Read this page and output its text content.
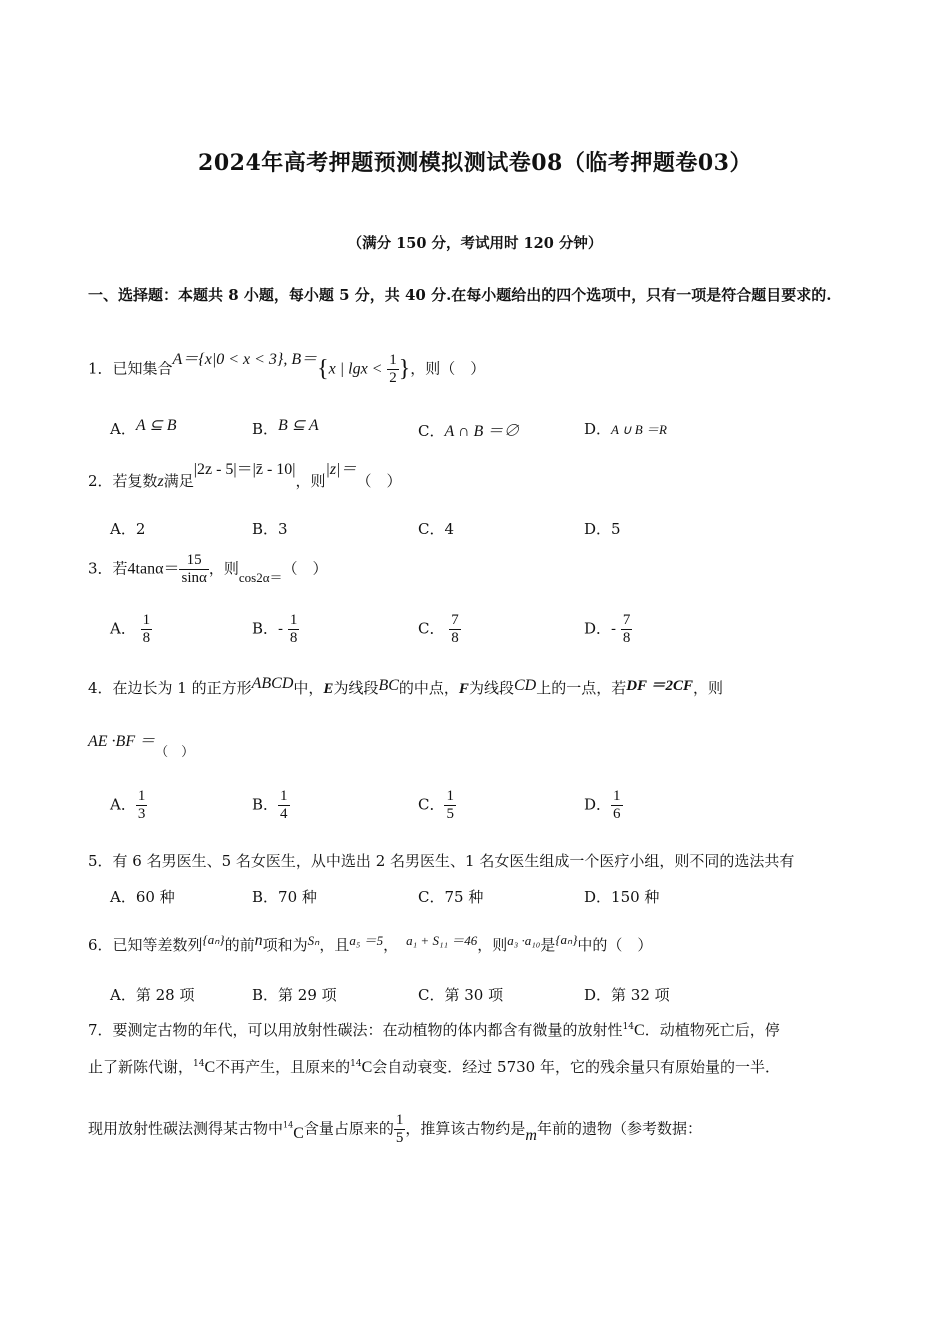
2024年高考押题预测模拟测试卷08（临考押题卷03）
（满分 150 分，考试用时 120 分钟）
一、选择题：本题共 8 小题，每小题 5 分，共 40 分.在每小题给出的四个选项中，只有一项是符合题目要求的.
1．已知集合A＝{x|0 < x < 3}, B＝{x | $\lg x < \frac{1}{2}$ }，则（　）
A．A ⊆ B	B．B ⊆ A	C．A ∩ B ＝∅	D．A ∪ B ＝R
2．若复数z满足|2z - 5|＝|z̄ - 10|，则|z|＝（　）
A．2	B．3	C．4	D．5
3．若$4\tan\alpha= \frac{15}{\sin\alpha}$ ，则cos2α＝（　）
A． $\frac{1}{8}$	B．- $\frac{1}{8}$	C． $\frac{7}{8}$	D．- $\frac{7}{8}$
4．在边长为 1 的正方形ABCD中，E为线段BC的中点，F为线段CD上的一点，若DF ＝2CF，则
AE ·BF ＝（　）
A． $\frac{1}{3}$	B． $\frac{1}{4}$	C． $\frac{1}{5}$	D． $\frac{1}{6}$
5．有 6 名男医生、5 名女医生，从中选出 2 名男医生、1 名女医生组成一个医疗小组，则不同的选法共有
A．60 种	B．70 种	C．75 种	D．150 种
6．已知等差数列{aₙ}的前n项和为Sₙ，且a₅ ＝5， a₁ + S₁₁ ＝46，则a₃ ·a₁₀是{aₙ}中的（　）
A．第 28 项	B．第 29 项	C．第 30 项	D．第 32 项
7．要测定古物的年代，可以用放射性碳法：在动植物的体内都含有微量的放射性$^{14}$C．动植物死亡后，停
止了新陈代谢，$^{14}$C不再产生，且原来的$^{14}$C会自动衰变．经过 5730 年，它的残余量只有原始量的一半．
现用放射性碳法测得某古物中$^{14}$C含量占原来的 $\frac{1}{5}$ ，推算该古物约是m年前的遗物（参考数据：
